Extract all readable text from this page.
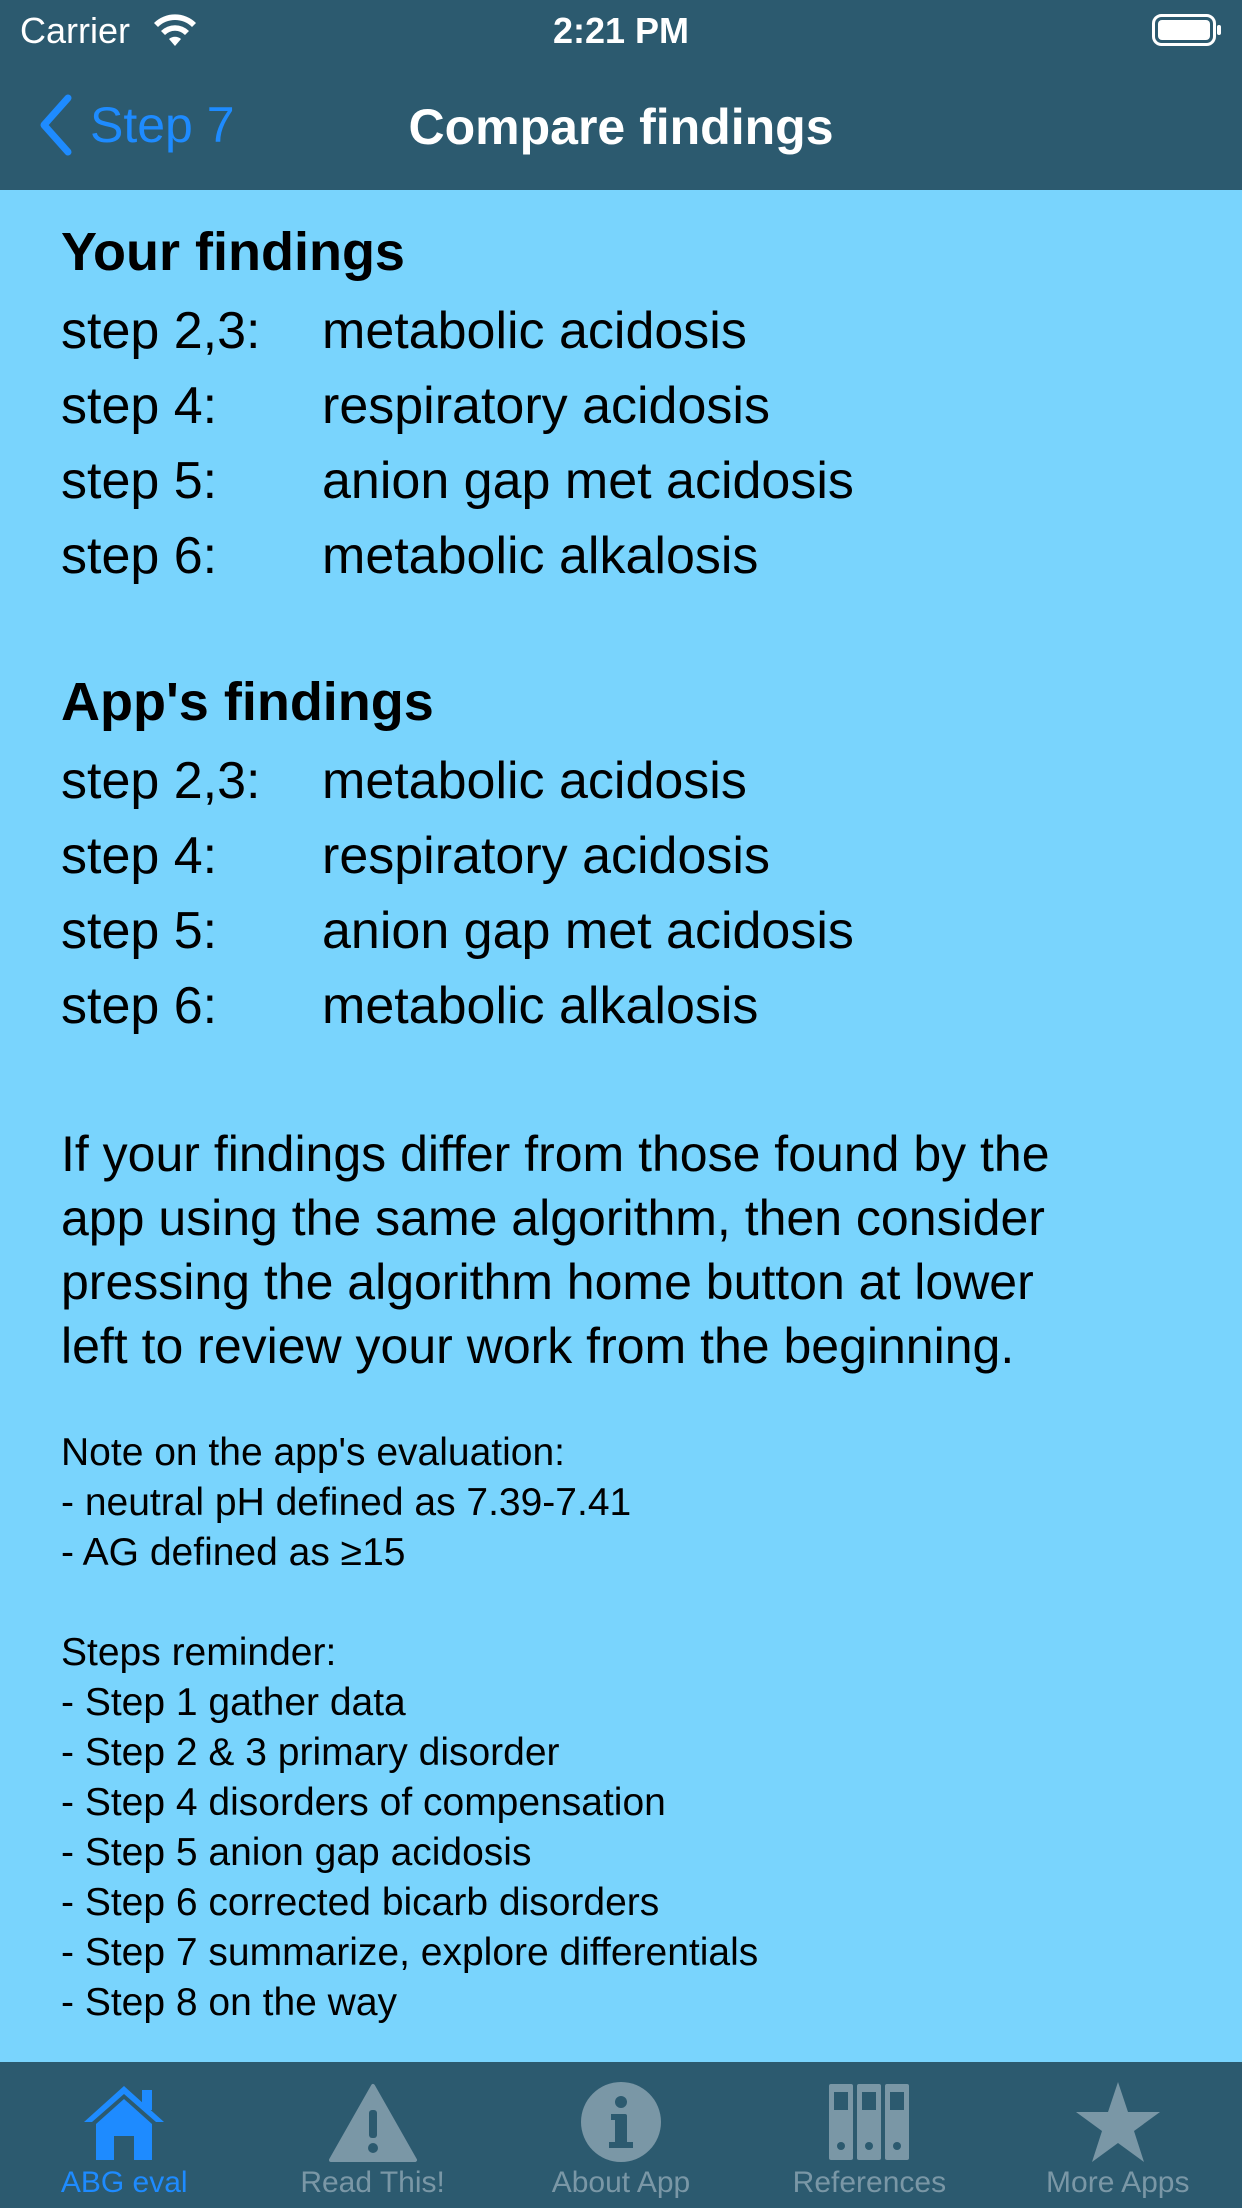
Carrier	2:21 PM
Step 7	Compare findings
Your findings
step 2,3:	metabolic acidosis
step 4:	respiratory acidosis
step 5:	anion gap met acidosis
step 6:	metabolic alkalosis
App's findings
step 2,3:	metabolic acidosis
step 4:	respiratory acidosis
step 5:	anion gap met acidosis
step 6:	metabolic alkalosis

If your findings differ from those found by the

app using the same algorithm, then consider

pressing the algorithm home button at lower

left to review your work from the beginning.

Note on the app's evaluation:

- neutral pH defined as 7.39-7.41

- AG defined as ≥15

Steps reminder:

- Step 1 gather data

- Step 2 & 3 primary disorder

- Step 4 disorders of compensation

- Step 5 anion gap acidosis

- Step 6 corrected bicarb disorders

- Step 7 summarize, explore differentials

- Step 8 on the way

ABG eval	Read This!	About App	References	More Apps
